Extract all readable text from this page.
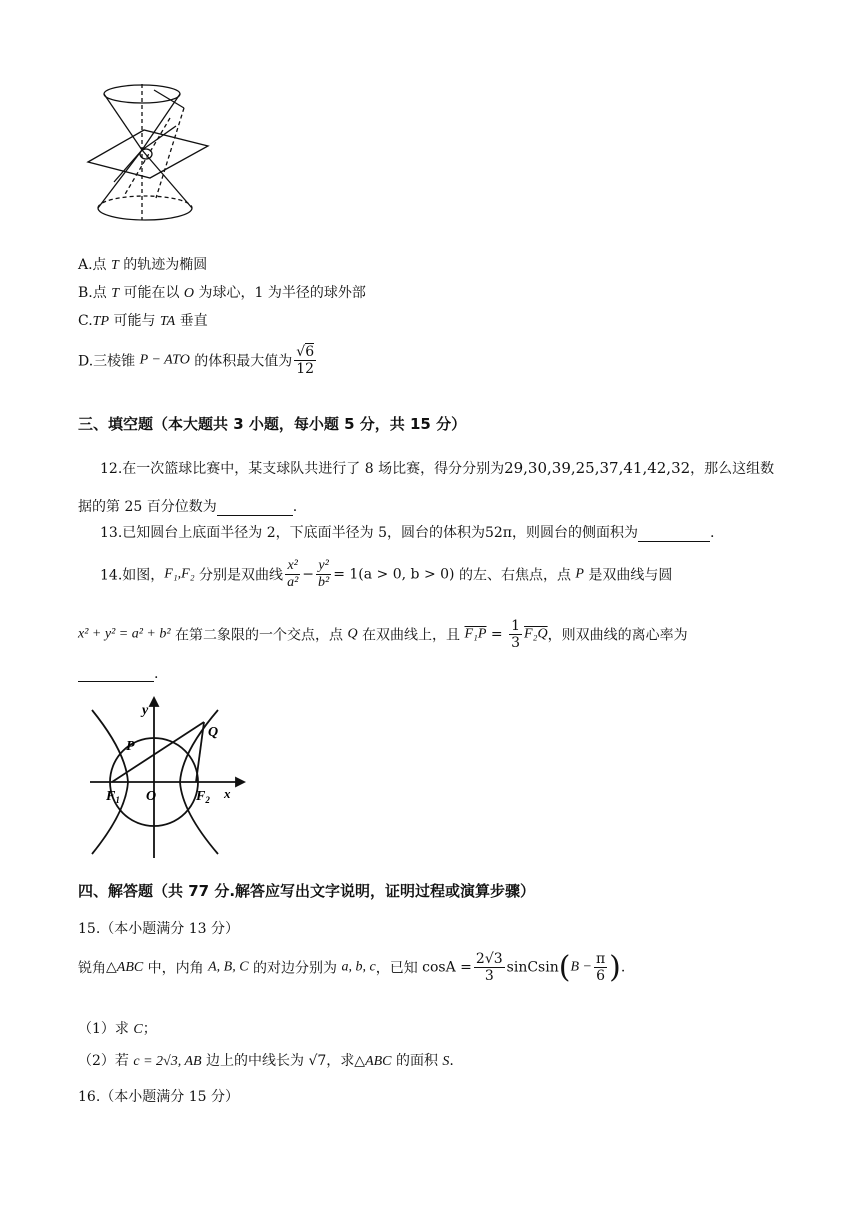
A.点 T 的轨迹为椭圆
B.点 T 可能在以 O 为球心，1 为半径的球外部
C.TP 可能与 TA 垂直
D.三棱锥 P − ATO 的体积最大值为 $\frac{√6}{12}$
三、填空题（本大题共 3 小题，每小题 5 分，共 15 分）
12.在一次篮球比赛中，某支球队共进行了 8 场比赛，得分分别为29,30,39,25,37,41,42,32，那么这组数
据的第 25 百分位数为	.
13.已知圆台上底面半径为 2，下底面半径为 5，圆台的体积为52π，则圆台的侧面积为	.
14.如图，F₁,F₂ 分别是双曲线 $\frac{\text{x²}}{\text{a²}} - \frac{\text{y²}}{\text{b²}} = 1(a > 0$, b > 0) 的左、右焦点，点 P 是双曲线与圆
x² + y² = a² + b² 在第二象限的一个交点，点 Q 在双曲线上，且 $F_1P = \frac{1}{3} F_2Q$，则双曲线的离心率为
.
y
x
P
Q
$F_1$ O	$F_2$
四、解答题（共 77 分.解答应写出文字说明，证明过程或演算步骤）
15.（本小题满分 13 分）
锐角△ABC 中，内角 A, B, C 的对边分别为 a, b, c，已知 $\cos A = \frac{2√3}{3}$ sinCsin(B − $\frac{\pi}{6}$ ).
（1）求 C；
（2）若 c = 2√3, AB 边上的中线长为 √7，求△ABC 的面积 S.
16.（本小题满分 15 分）
